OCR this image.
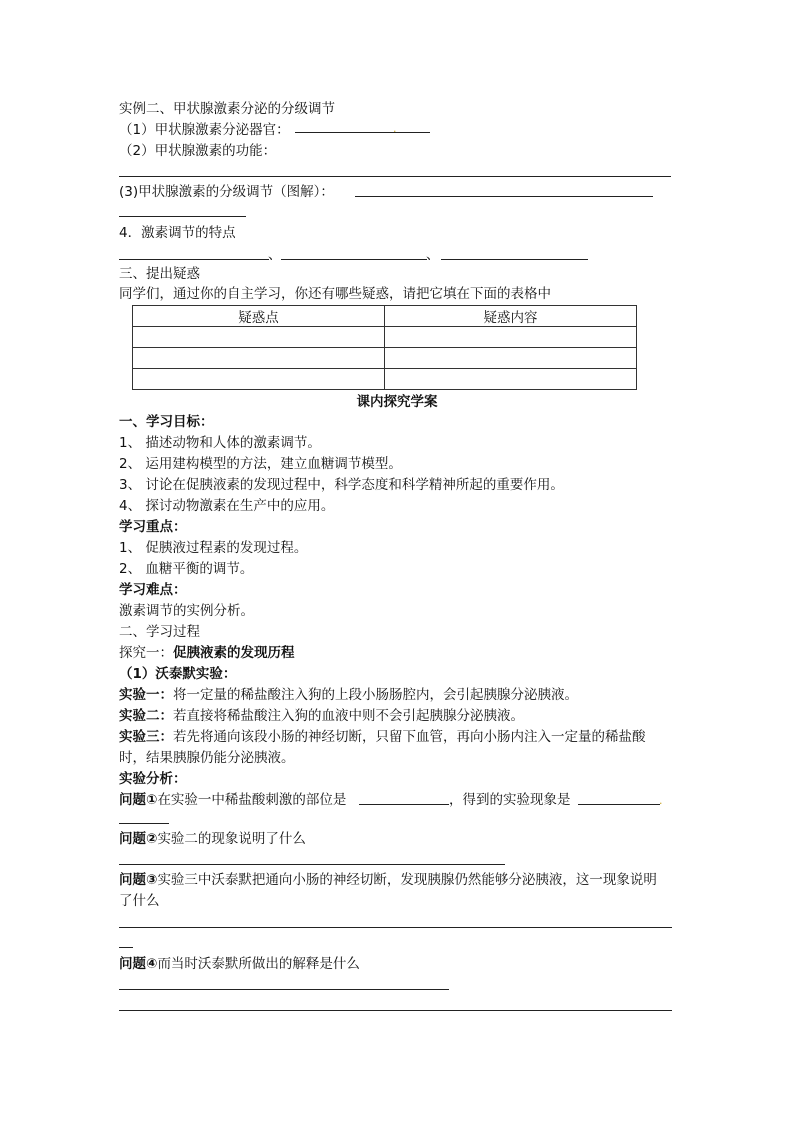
实例二、甲状腺激素分泌的分级调节
（1）甲状腺激素分泌器官：	.
（2）甲状腺激素的功能：
(3)甲状腺激素的分级调节（图解）：
4．激素调节的特点
、	、
三、提出疑惑
同学们，通过你的自主学习，你还有哪些疑惑，请把它填在下面的表格中
疑惑点	疑惑内容

课内探究学案
一、学习目标：
1、 描述动物和人体的激素调节。
2、 运用建构模型的方法，建立血糖调节模型。
3、 讨论在促胰液素的发现过程中，科学态度和科学精神所起的重要作用。
4、 探讨动物激素在生产中的应用。
学习重点：
1、 促胰液过程素的发现过程。
2、 血糖平衡的调节。
学习难点：
激素调节的实例分析。
二、学习过程
探究一：促胰液素的发现历程
（1）沃泰默实验：
实验一：将一定量的稀盐酸注入狗的上段小肠肠腔内，会引起胰腺分泌胰液。
实验二：若直接将稀盐酸注入狗的血液中则不会引起胰腺分泌胰液。
实验三：若先将通向该段小肠的神经切断，只留下血管，再向小肠内注入一定量的稀盐酸
时，结果胰腺仍能分泌胰液。
实验分析：
问题①在实验一中稀盐酸刺激的部位是	，得到的实验现象是	.
问题②实验二的现象说明了什么
问题③实验三中沃泰默把通向小肠的神经切断，发现胰腺仍然能够分泌胰液，这一现象说明
了什么
问题④而当时沃泰默所做出的解释是什么
